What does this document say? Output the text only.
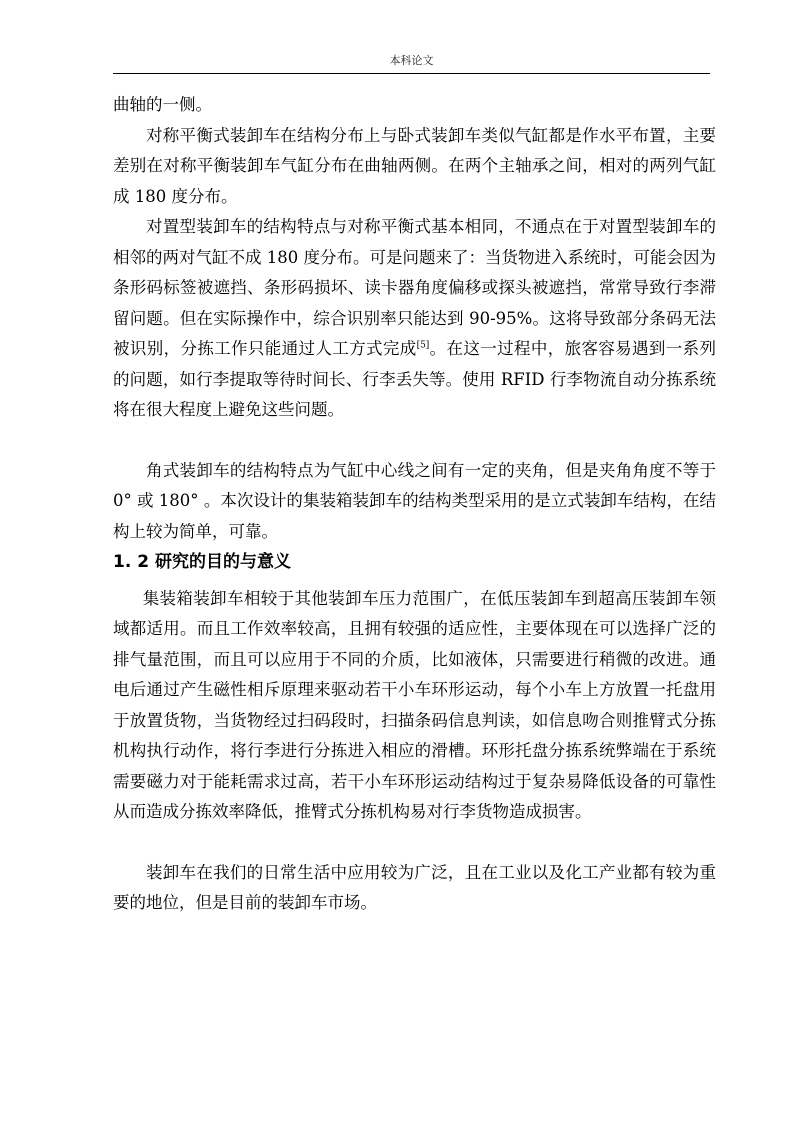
本科论文

曲轴的一侧。

对称平衡式装卸车在结构分布上与卧式装卸车类似气缸都是作水平布置，主要差别在对称平衡装卸车气缸分布在曲轴两侧。在两个主轴承之间，相对的两列气缸成 180 度分布。

对置型装卸车的结构特点与对称平衡式基本相同，不通点在于对置型装卸车的相邻的两对气缸不成 180 度分布。可是问题来了：当货物进入系统时，可能会因为条形码标签被遮挡、条形码损坏、读卡器角度偏移或探头被遮挡，常常导致行李滞留问题。但在实际操作中，综合识别率只能达到 90-95%。这将导致部分条码无法被识别，分拣工作只能通过人工方式完成[5]。在这一过程中，旅客容易遇到一系列的问题，如行李提取等待时间长、行李丢失等。使用 RFID 行李物流自动分拣系统将在很大程度上避免这些问题。

角式装卸车的结构特点为气缸中心线之间有一定的夹角，但是夹角角度不等于 0° 或 180° 。本次设计的集装箱装卸车的结构类型采用的是立式装卸车结构，在结构上较为简单，可靠。

1. 2 研究的目的与意义

集装箱装卸车相较于其他装卸车压力范围广，在低压装卸车到超高压装卸车领域都适用。而且工作效率较高，且拥有较强的适应性，主要体现在可以选择广泛的排气量范围，而且可以应用于不同的介质，比如液体，只需要进行稍微的改进。通电后通过产生磁性相斥原理来驱动若干小车环形运动，每个小车上方放置一托盘用于放置货物，当货物经过扫码段时，扫描条码信息判读，如信息吻合则推臂式分拣机构执行动作，将行李进行分拣进入相应的滑槽。环形托盘分拣系统弊端在于系统需要磁力对于能耗需求过高，若干小车环形运动结构过于复杂易降低设备的可靠性从而造成分拣效率降低，推臂式分拣机构易对行李货物造成损害。

装卸车在我们的日常生活中应用较为广泛，且在工业以及化工产业都有较为重要的地位，但是目前的装卸车市场。
